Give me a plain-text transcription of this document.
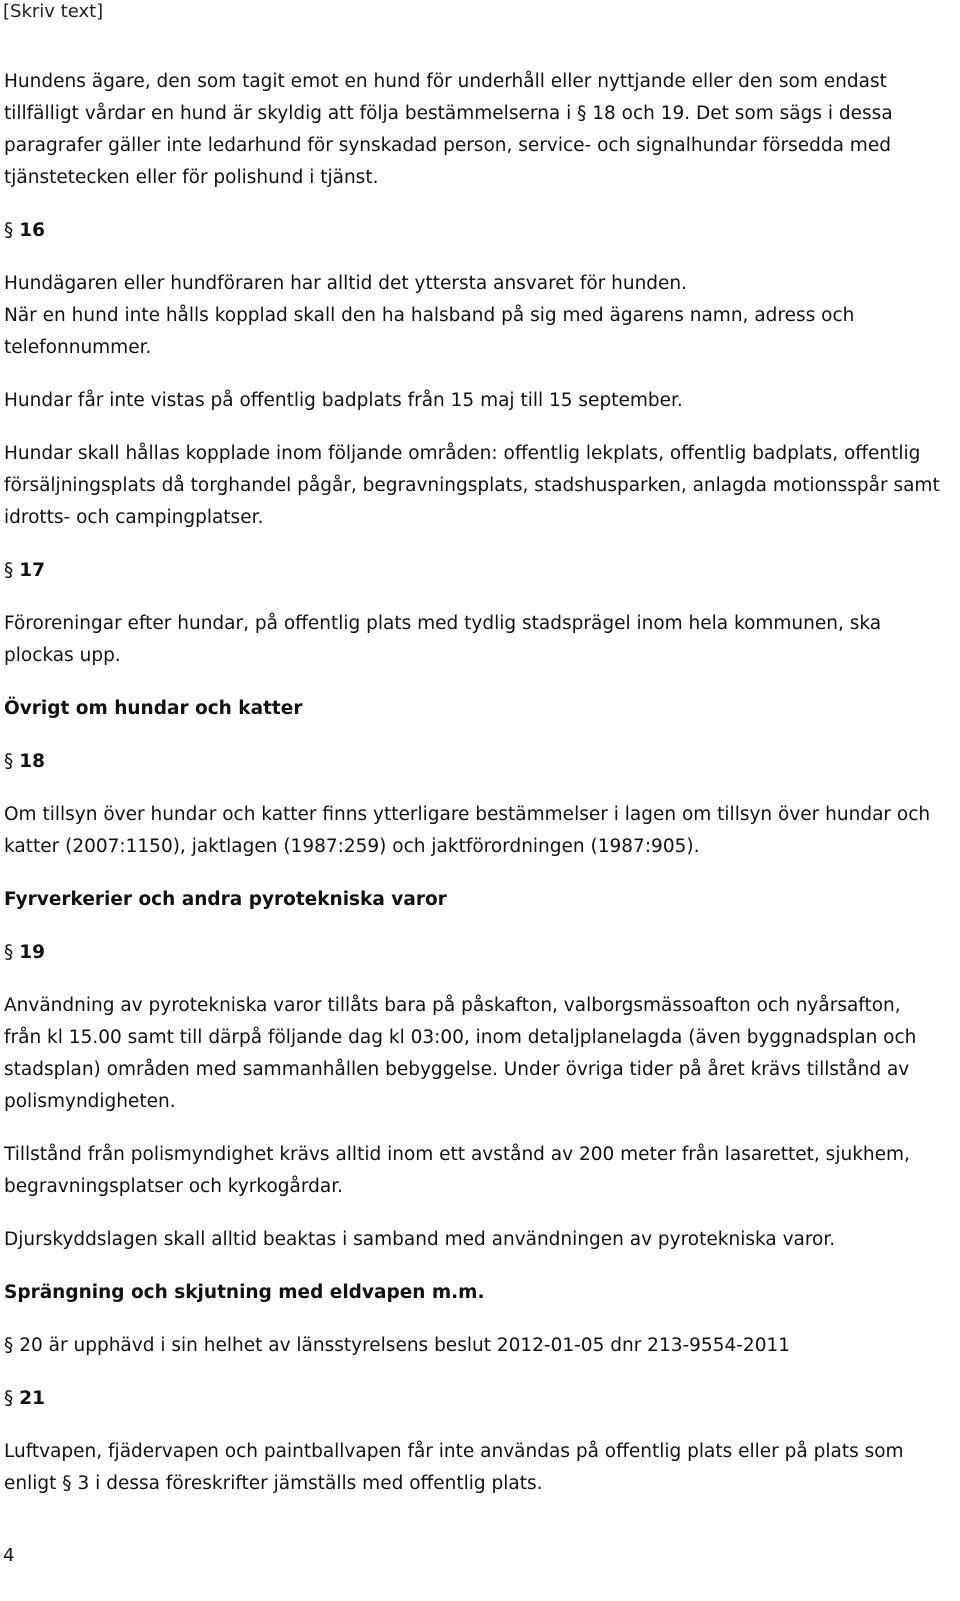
[Skriv text]

Hundens ägare, den som tagit emot en hund för underhåll eller nyttjande eller den som endast tillfälligt vårdar en hund är skyldig att följa bestämmelserna i § 18 och 19. Det som sägs i dessa paragrafer gäller inte ledarhund för synskadad person, service- och signalhundar försedda med tjänstetecken eller för polishund i tjänst.

§ 16

Hundägaren eller hundföraren har alltid det yttersta ansvaret för hunden.

När en hund inte hålls kopplad skall den ha halsband på sig med ägarens namn, adress och telefonnummer.

Hundar får inte vistas på offentlig badplats från 15 maj till 15 september.

Hundar skall hållas kopplade inom följande områden: offentlig lekplats, offentlig badplats, offentlig försäljningsplats då torghandel pågår, begravningsplats, stadshusparken, anlagda motionsspår samt idrotts- och campingplatser.

§ 17

Föroreningar efter hundar, på offentlig plats med tydlig stadsprägel inom hela kommunen, ska plockas upp.

Övrigt om hundar och katter
§ 18

Om tillsyn över hundar och katter finns ytterligare bestämmelser i lagen om tillsyn över hundar och katter (2007:1150), jaktlagen (1987:259) och jaktförordningen (1987:905).

Fyrverkerier och andra pyrotekniska varor
§ 19

Användning av pyrotekniska varor tillåts bara på påskafton, valborgsmässoafton och nyårsafton, från kl 15.00 samt till därpå följande dag kl 03:00, inom detaljplanelagda (även byggnadsplan och stadsplan) områden med sammanhållen bebyggelse. Under övriga tider på året krävs tillstånd av polismyndigheten.

Tillstånd från polismyndighet krävs alltid inom ett avstånd av 200 meter från lasarettet, sjukhem, begravningsplatser och kyrkogårdar.

Djurskyddslagen skall alltid beaktas i samband med användningen av pyrotekniska varor.

Sprängning och skjutning med eldvapen m.m.

§ 20 är upphävd i sin helhet av länsstyrelsens beslut 2012-01-05 dnr 213-9554-2011

§ 21

Luftvapen, fjädervapen och paintballvapen får inte användas på offentlig plats eller på plats som enligt § 3 i dessa föreskrifter jämställs med offentlig plats.

4
